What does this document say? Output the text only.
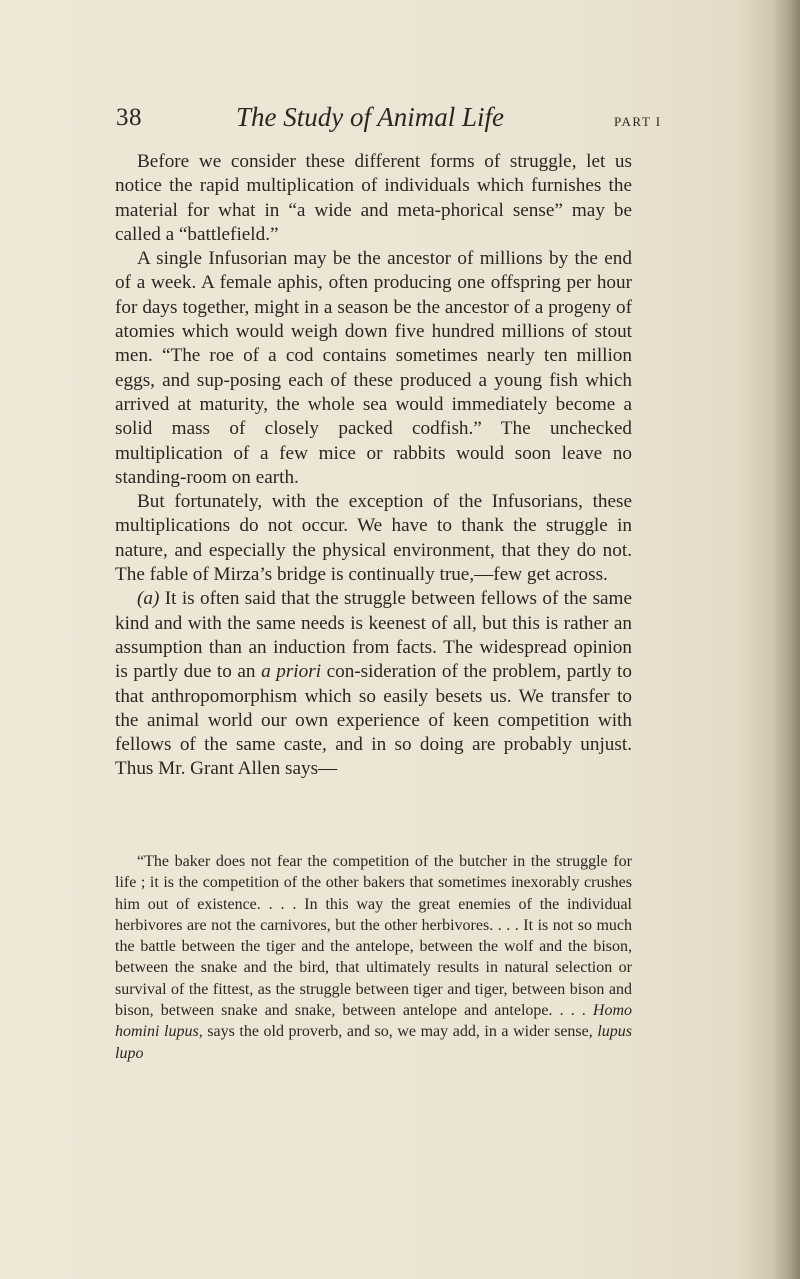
38	The Study of Animal Life	PART I

Before we consider these different forms of struggle, let us notice the rapid multiplication of individuals which furnishes the material for what in “a wide and meta-phorical sense” may be called a “battlefield.”

A single Infusorian may be the ancestor of millions by the end of a week. A female aphis, often producing one offspring per hour for days together, might in a season be the ancestor of a progeny of atomies which would weigh down five hundred millions of stout men. “The roe of a cod contains sometimes nearly ten million eggs, and sup-posing each of these produced a young fish which arrived at maturity, the whole sea would immediately become a solid mass of closely packed codfish.” The unchecked multiplication of a few mice or rabbits would soon leave no standing-room on earth.

But fortunately, with the exception of the Infusorians, these multiplications do not occur. We have to thank the struggle in nature, and especially the physical environment, that they do not. The fable of Mirza’s bridge is continually true,—few get across.

(a) It is often said that the struggle between fellows of the same kind and with the same needs is keenest of all, but this is rather an assumption than an induction from facts. The widespread opinion is partly due to an a priori con-sideration of the problem, partly to that anthropomorphism which so easily besets us. We transfer to the animal world our own experience of keen competition with fellows of the same caste, and in so doing are probably unjust. Thus Mr. Grant Allen says—

“The baker does not fear the competition of the butcher in the struggle for life ; it is the competition of the other bakers that sometimes inexorably crushes him out of existence. . . . In this way the great enemies of the individual herbivores are not the carnivores, but the other herbivores. . . . It is not so much the battle between the tiger and the antelope, between the wolf and the bison, between the snake and the bird, that ultimately results in natural selection or survival of the fittest, as the struggle between tiger and tiger, between bison and bison, between snake and snake, between antelope and antelope. . . . Homo homini lupus, says the old proverb, and so, we may add, in a wider sense, lupus lupo
